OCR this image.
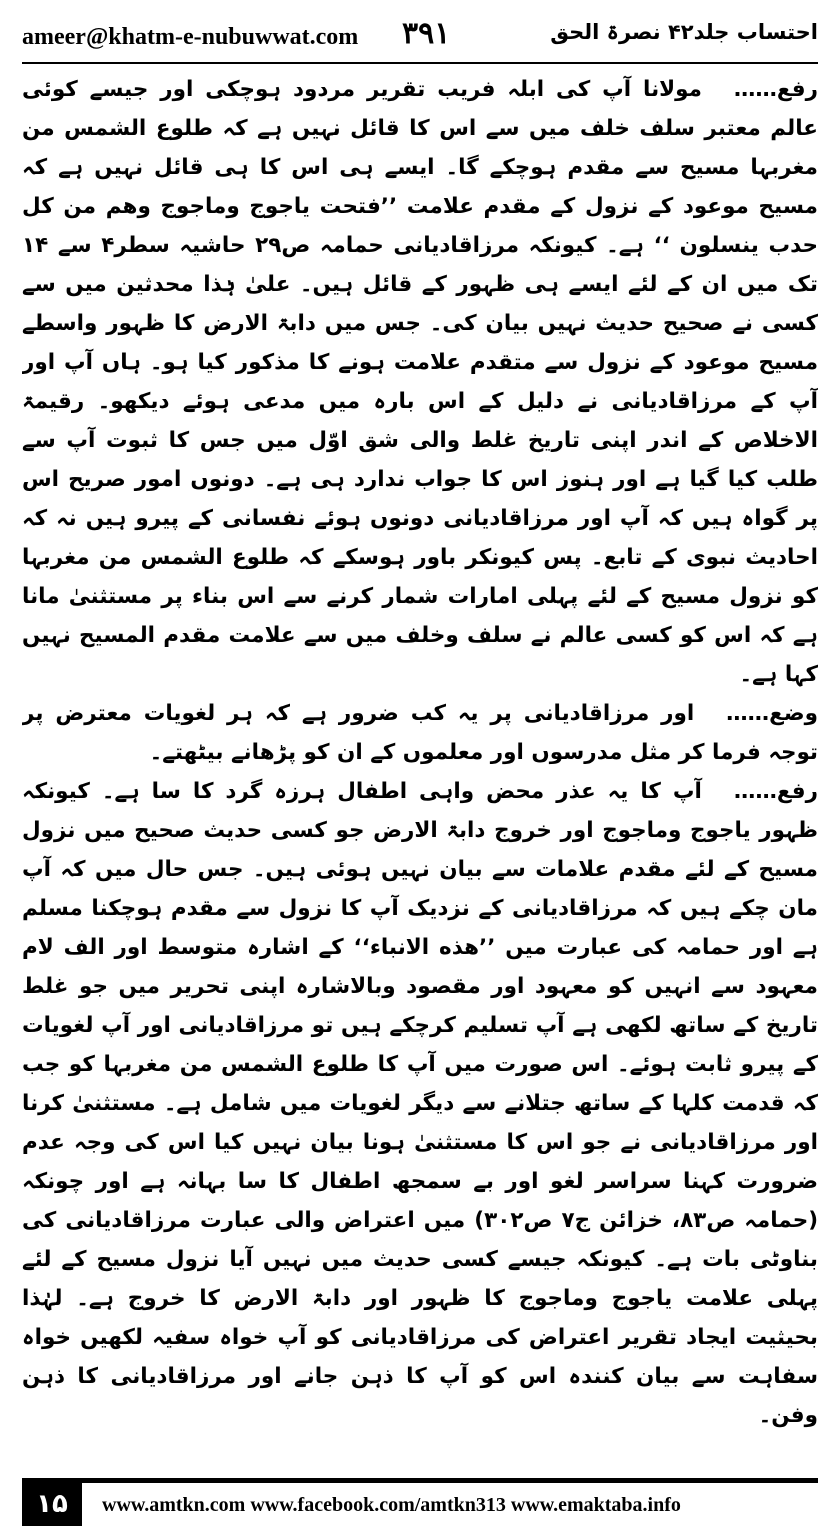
ameer@khatm-e-nubuwwat.com ۳۹۱	احتساب جلد۴۲ نصرۃ الحق

رفع…… مولانا آپ کی ابلہ فریب تقریر مردود ہوچکی اور جیسے کوئی عالم معتبر سلف خلف میں سے اس کا قائل نہیں ہے کہ طلوع الشمس من مغربہا مسیح سے مقدم ہوچکے گا۔ ایسے ہی اس کا ہی قائل نہیں ہے کہ مسیح موعود کے نزول کے مقدم علامت ’’فتحت یاجوج وماجوج وهم من کل حدب ینسلون ‘‘ ہے۔ کیونکہ مرزاقادیانی حمامہ ص۲۹ حاشیہ سطر۴ سے ۱۴ تک میں ان کے لئے ایسے ہی ظہور کے قائل ہیں۔ علیٰ ہٰذا محدثین میں سے کسی نے صحیح حدیث نہیں بیان کی۔ جس میں دابۃ الارض کا ظہور واسطے مسیح موعود کے نزول سے متقدم علامت ہونے کا مذکور کیا ہو۔ ہاں آپ اور آپ کے مرزاقادیانی نے دلیل کے اس بارہ میں مدعی ہوئے دیکھو۔ رقیمۃ الاخلاص کے اندر اپنی تاریخ غلط والی شق اوّل میں جس کا ثبوت آپ سے طلب کیا گیا ہے اور ہنوز اس کا جواب ندارد ہی ہے۔ دونوں امور صریح اس پر گواہ ہیں کہ آپ اور مرزاقادیانی دونوں ہوئے نفسانی کے پیرو ہیں نہ کہ احادیث نبوی کے تابع۔ پس کیونکر باور ہوسکے کہ طلوع الشمس من مغربہا کو نزول مسیح کے لئے پہلی امارات شمار کرنے سے اس بناء پر مستثنیٰ مانا ہے کہ اس کو کسی عالم نے سلف وخلف میں سے علامت مقدم المسیح نہیں کہا ہے۔

وضع…… اور مرزاقادیانی پر یہ کب ضرور ہے کہ ہر لغویات معترض پر توجہ فرما کر مثل مدرسوں اور معلموں کے ان کو پڑھانے بیٹھتے۔

رفع…… آپ کا یہ عذر محض واہی اطفال ہرزہ گرد کا سا ہے۔ کیونکہ ظہور یاجوج وماجوج اور خروج دابۃ الارض جو کسی حدیث صحیح میں نزول مسیح کے لئے مقدم علامات سے بیان نہیں ہوئی ہیں۔ جس حال میں کہ آپ مان چکے ہیں کہ مرزاقادیانی کے نزدیک آپ کا نزول سے مقدم ہوچکنا مسلم ہے اور حمامہ کی عبارت میں ’’هذه الانباء‘‘ کے اشارہ متوسط اور الف لام معہود سے انہیں کو معہود اور مقصود وبالاشارہ اپنی تحریر میں جو غلط تاریخ کے ساتھ لکھی ہے آپ تسلیم کرچکے ہیں تو مرزاقادیانی اور آپ لغویات کے پیرو ثابت ہوئے۔ اس صورت میں آپ کا طلوع الشمس من مغربہا کو جب کہ قدمت کلہا کے ساتھ جتلانے سے دیگر لغویات میں شامل ہے۔ مستثنیٰ کرنا اور مرزاقادیانی نے جو اس کا مستثنیٰ ہونا بیان نہیں کیا اس کی وجہ عدم ضرورت کہنا سراسر لغو اور بے سمجھ اطفال کا سا بہانہ ہے اور چونکہ (حمامہ ص۸۳، خزائن ج۷ ص۳۰۲) میں اعتراض والی عبارت مرزاقادیانی کی بناوٹی بات ہے۔ کیونکہ جیسے کسی حدیث میں نہیں آیا نزول مسیح کے لئے پہلی علامت یاجوج وماجوج کا ظہور اور دابۃ الارض کا خروج ہے۔ لہٰذا بحیثیت ایجاد تقریر اعتراض کی مرزاقادیانی کو آپ خواہ سفیہ لکھیں خواہ سفاہت سے بیان کنندہ اس کو آپ کا ذہن جانے اور مرزاقادیانی کا ذہن وفن۔

۱۵	www.amtkn.com www.facebook.com/amtkn313 www.emaktaba.info
